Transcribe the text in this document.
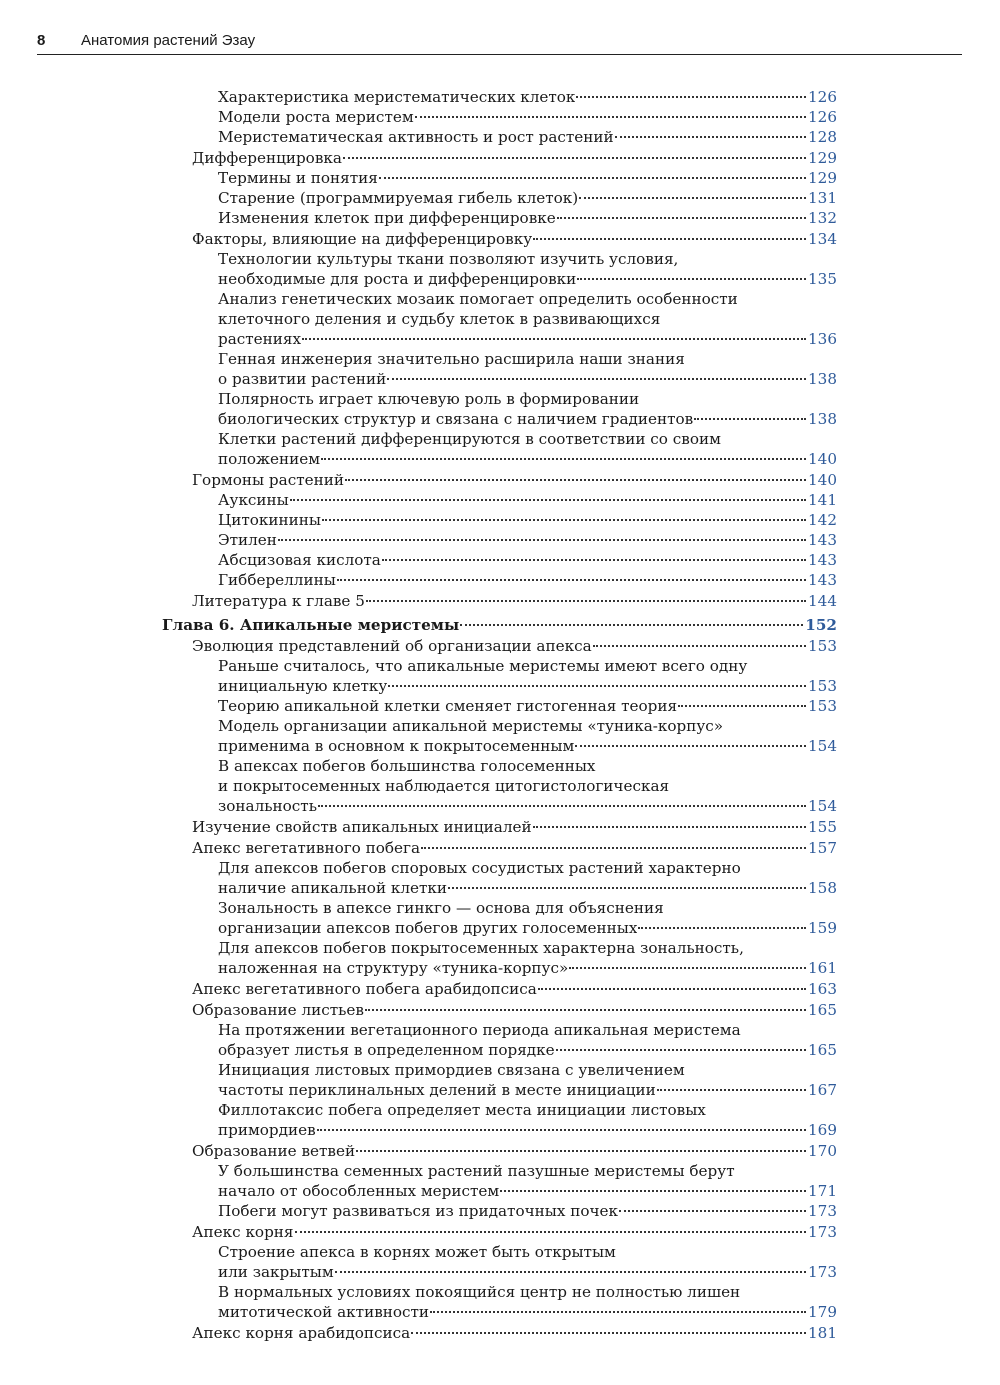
8 Анатомия растений Эзау
Характеристика меристематических клеток	126
Модели роста меристем	126
Меристематическая активность и рост растений	128
Дифференцировка	129
Термины и понятия	129
Старение (программируемая гибель клеток)	131
Изменения клеток при дифференцировке	132
Факторы, влияющие на дифференцировку	134
Технологии культуры ткани позволяют изучить условия,
необходимые для роста и дифференцировки	135
Анализ генетических мозаик помогает определить особенности
клеточного деления и судьбу клеток в развивающихся
растениях	136
Генная инженерия значительно расширила наши знания
о развитии растений	138
Полярность играет ключевую роль в формировании
биологических структур и связана с наличием градиентов	138
Клетки растений дифференцируются в соответствии со своим
положением	140
Гормоны растений	140
Ауксины	141
Цитокинины	142
Этилен	143
Абсцизовая кислота	143
Гиббереллины	143
Литература к главе 5	144
Глава 6. Апикальные меристемы	152
Эволюция представлений об организации апекса	153
Раньше считалось, что апикальные меристемы имеют всего одну
инициальную клетку	153
Теорию апикальной клетки сменяет гистогенная теория	153
Модель организации апикальной меристемы «туника-корпус»
применима в основном к покрытосеменным	154
В апексах побегов большинства голосеменных
и покрытосеменных наблюдается цитогистологическая
зональность	154
Изучение свойств апикальных инициалей	155
Апекс вегетативного побега	157
Для апексов побегов споровых сосудистых растений характерно
наличие апикальной клетки	158
Зональность в апексе гинкго — основа для объяснения
организации апексов побегов других голосеменных	159
Для апексов побегов покрытосеменных характерна зональность,
наложенная на структуру «туника-корпус»	161
Апекс вегетативного побега арабидопсиса	163
Образование листьев	165
На протяжении вегетационного периода апикальная меристема
образует листья в определенном порядке	165
Инициация листовых примордиев связана с увеличением
частоты периклинальных делений в месте инициации	167
Филлотаксис побега определяет места инициации листовых
примордиев	169
Образование ветвей	170
У большинства семенных растений пазушные меристемы берут
начало от обособленных меристем	171
Побеги могут развиваться из придаточных почек	173
Апекс корня	173
Строение апекса в корнях может быть открытым
или закрытым	173
В нормальных условиях покоящийся центр не полностью лишен
митотической активности	179
Апекс корня арабидопсиса	181
